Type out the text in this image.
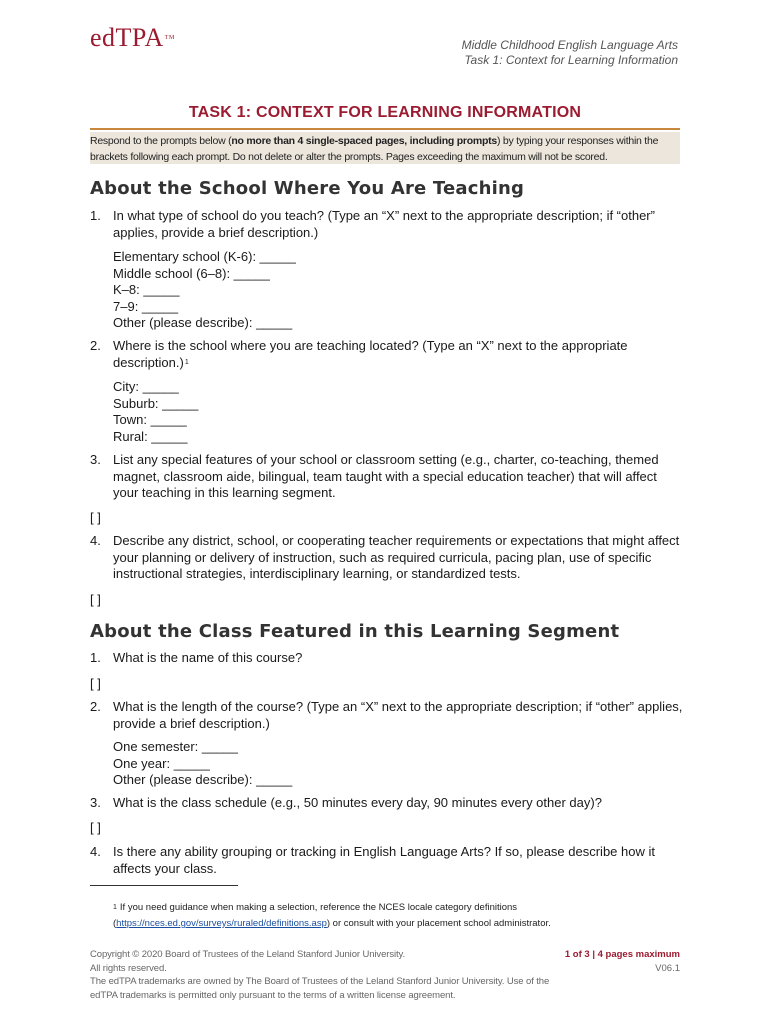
edTPATM	Middle Childhood English Language Arts
Task 1: Context for Learning Information
TASK 1: CONTEXT FOR LEARNING INFORMATION
Respond to the prompts below (no more than 4 single-spaced pages, including prompts) by typing your responses within the brackets following each prompt. Do not delete or alter the prompts. Pages exceeding the maximum will not be scored.
About the School Where You Are Teaching
1. In what type of school do you teach? (Type an “X” next to the appropriate description; if “other” applies, provide a brief description.)
Elementary school (K-6): _____
Middle school (6–8): _____
K–8: _____
7–9: _____
Other (please describe): _____
2. Where is the school where you are teaching located? (Type an “X” next to the appropriate description.)$^1$
City: _____
Suburb: _____
Town: _____
Rural: _____
3. List any special features of your school or classroom setting (e.g., charter, co-teaching, themed magnet, classroom aide, bilingual, team taught with a special education teacher) that will affect your teaching in this learning segment.
[ ]
4. Describe any district, school, or cooperating teacher requirements or expectations that might affect your planning or delivery of instruction, such as required curricula, pacing plan, use of specific instructional strategies, interdisciplinary learning, or standardized tests.
[ ]
About the Class Featured in this Learning Segment
1. What is the name of this course?
[ ]
2. What is the length of the course? (Type an “X” next to the appropriate description; if “other” applies, provide a brief description.)
One semester: _____
One year: _____
Other (please describe): _____
3. What is the class schedule (e.g., 50 minutes every day, 90 minutes every other day)?
[ ]
4. Is there any ability grouping or tracking in English Language Arts? If so, please describe how it affects your class.
$^1$ If you need guidance when making a selection, reference the NCES locale category definitions
(https://nces.ed.gov/surveys/ruraled/definitions.asp) or consult with your placement school administrator.
Copyright © 2020 Board of Trustees of the Leland Stanford Junior University.
All rights reserved.
The edTPA trademarks are owned by The Board of Trustees of the Leland Stanford Junior University. Use of the edTPA trademarks is permitted only pursuant to the terms of a written license agreement.
1 of 3 | 4 pages maximum
V06.1
